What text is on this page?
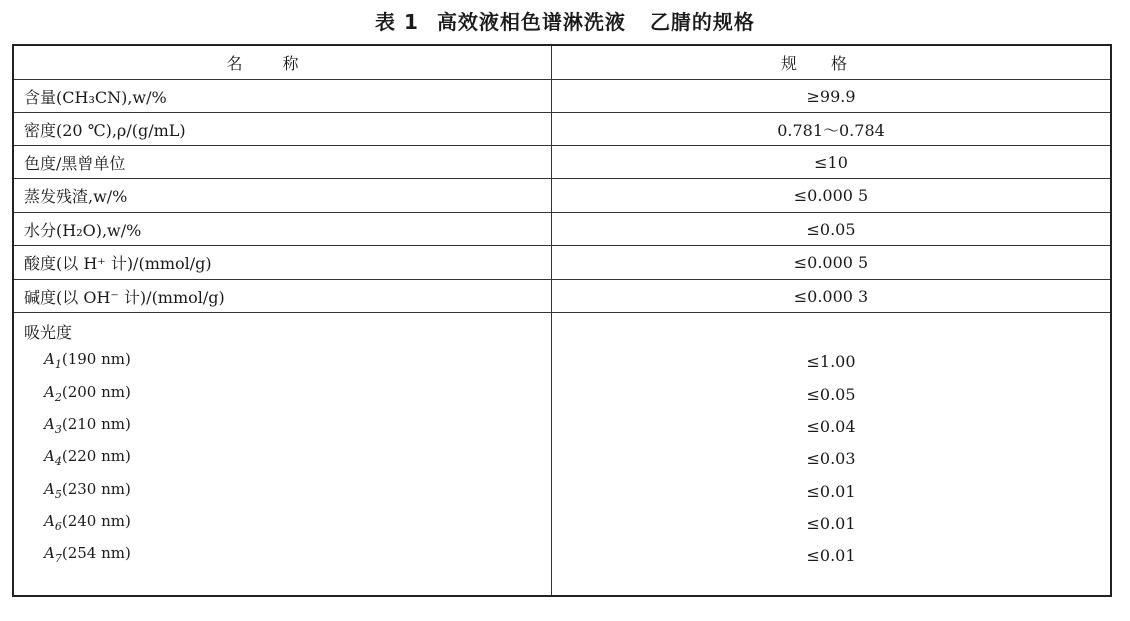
表 1 高效液相色谱淋洗液 乙腈的规格
名称	规格
含量(CH₃CN),w/%	≥99.9
密度(20 ℃),ρ/(g/mL)	0.781～0.784
色度/黑曾单位	≤10
蒸发残渣,w/%	≤0.000 5
水分(H₂O),w/%	≤0.05
酸度(以 H⁺ 计)/(mmol/g)	≤0.000 5
碱度(以 OH⁻ 计)/(mmol/g)	≤0.000 3
吸光度
$A_1(190$ nm)	≤1.00
$A_2(200$ nm)	≤0.05
$A_3(210$ nm)	≤0.04
$A_4(220$ nm)	≤0.03
$A_5(230$ nm)	≤0.01
$A_6(240$ nm)	≤0.01
$A_7(254$ nm)	≤0.01
